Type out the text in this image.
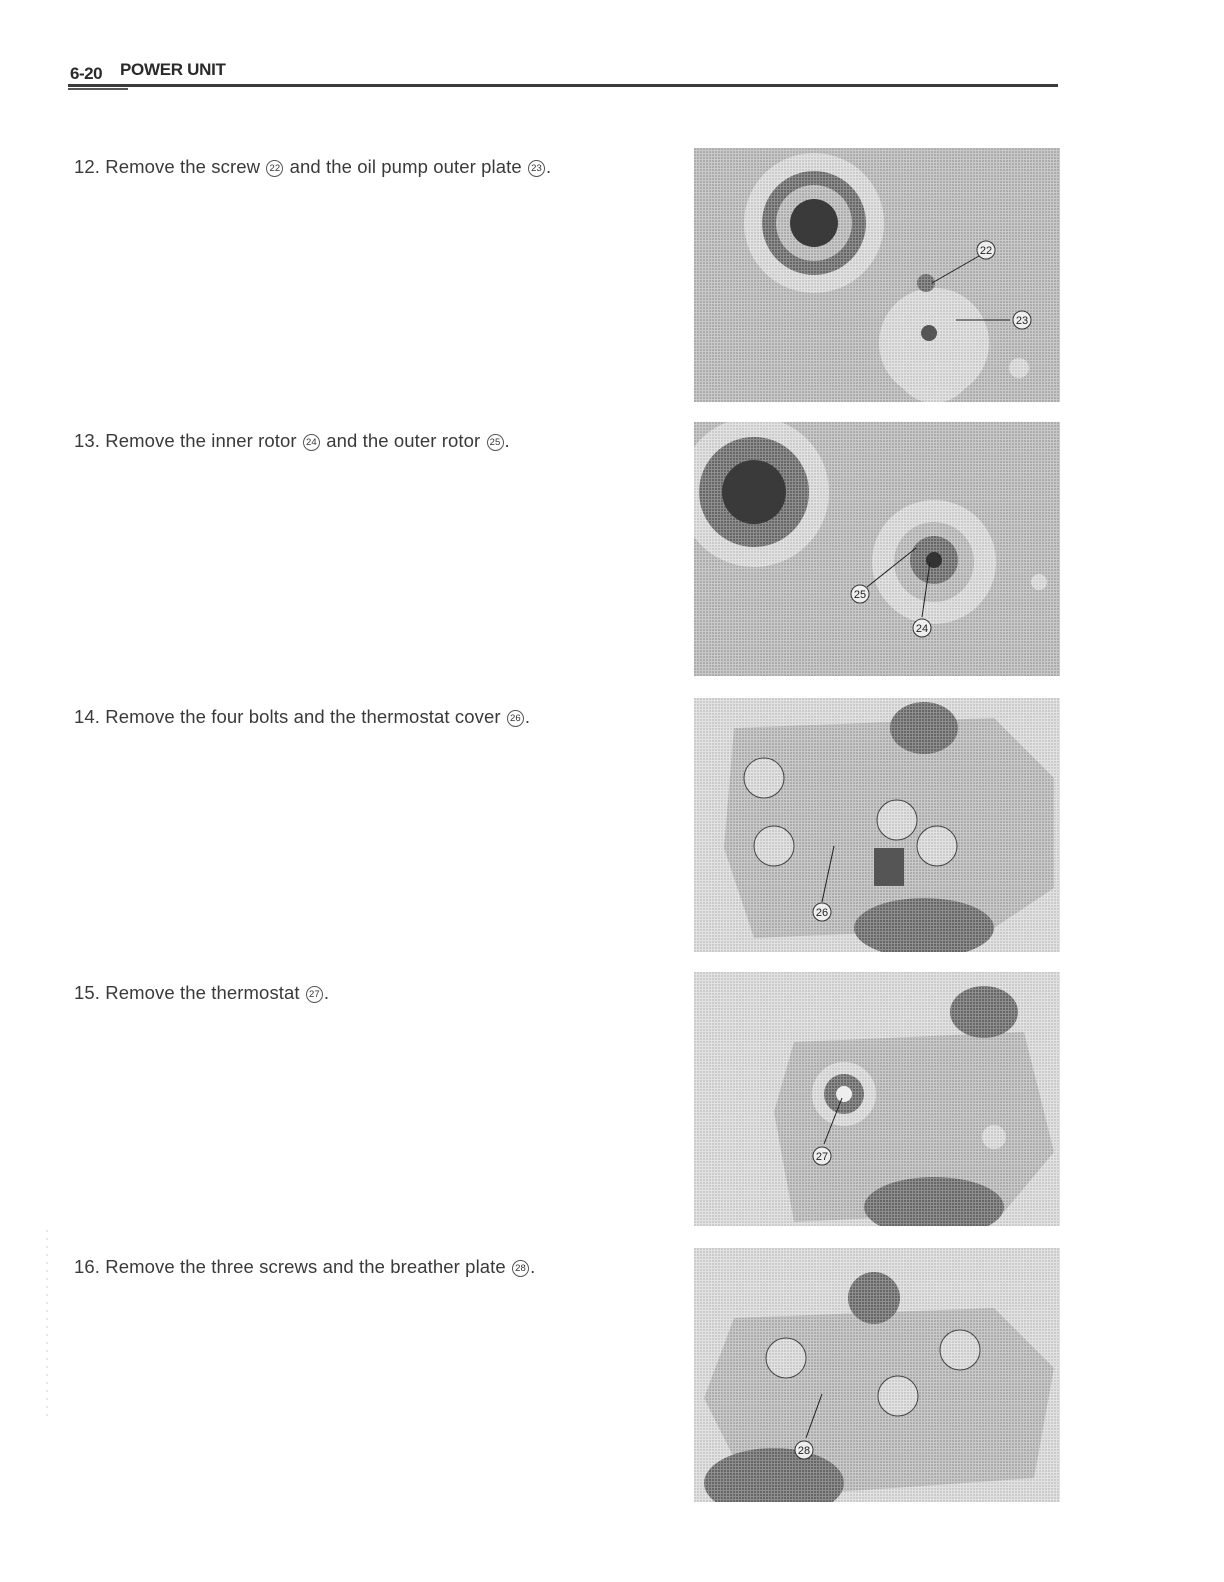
6-20 POWER UNIT
12. Remove the screw 22 and the oil pump outer plate 23 .
22
23
13. Remove the inner rotor 24 and the outer rotor 25 .
25
24
14. Remove the four bolts and the thermostat cover 26 .
26
15. Remove the thermostat 27 .
27
16. Remove the three screws and the breather plate 28 .
28
